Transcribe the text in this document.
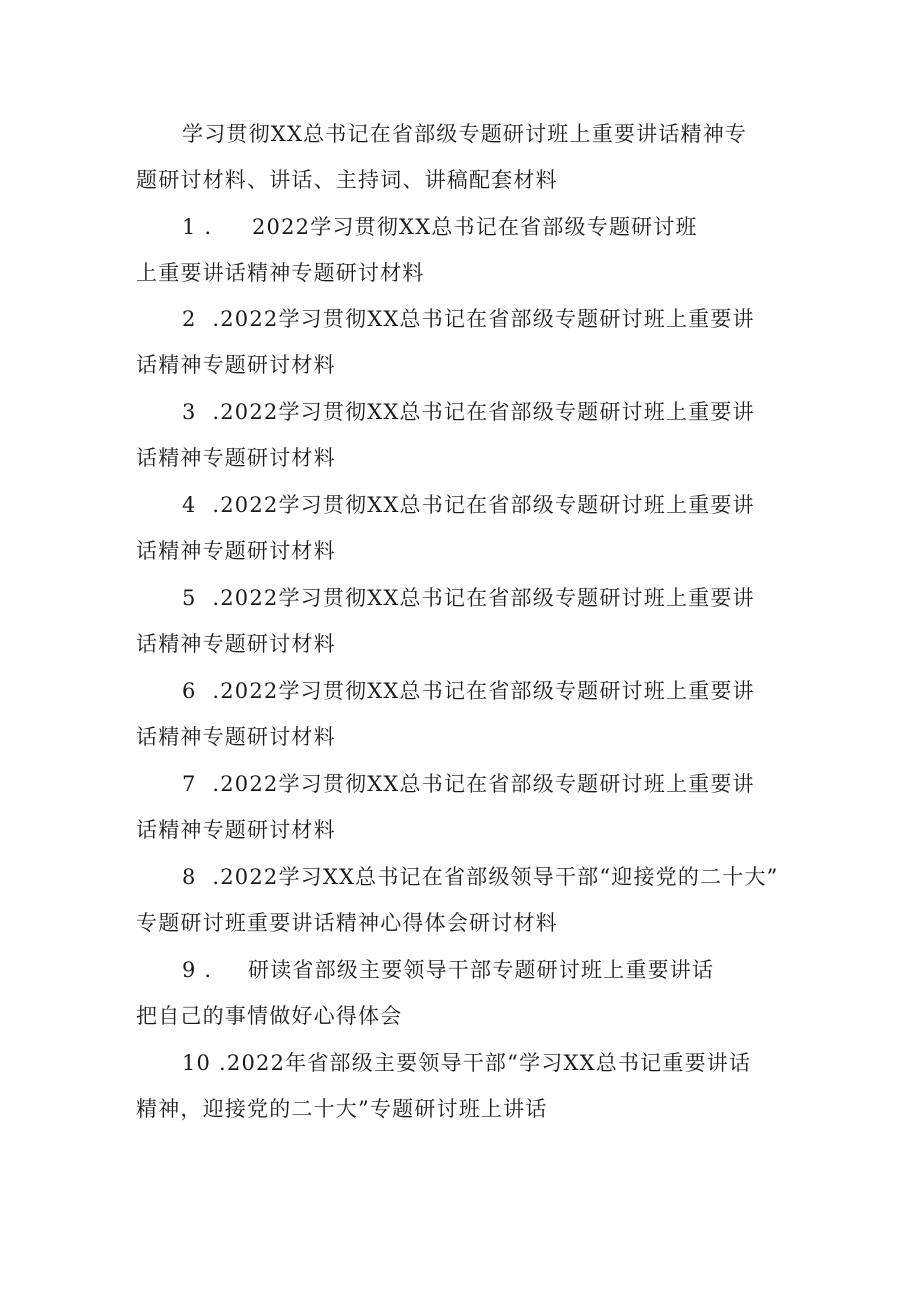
学习贯彻XX总书记在省部级专题研讨班上重要讲话精神专
题研讨材料、讲话、主持词、讲稿配套材料
1 . 2022学习贯彻XX总书记在省部级专题研讨班
上重要讲话精神专题研讨材料
2 .2022学习贯彻XX总书记在省部级专题研讨班上重要讲
话精神专题研讨材料
3 .2022学习贯彻XX总书记在省部级专题研讨班上重要讲
话精神专题研讨材料
4 .2022学习贯彻XX总书记在省部级专题研讨班上重要讲
话精神专题研讨材料
5 .2022学习贯彻XX总书记在省部级专题研讨班上重要讲
话精神专题研讨材料
6 .2022学习贯彻XX总书记在省部级专题研讨班上重要讲
话精神专题研讨材料
7 .2022学习贯彻XX总书记在省部级专题研讨班上重要讲
话精神专题研讨材料
8 .2022学习XX总书记在省部级领导干部“迎接党的二十大”
专题研讨班重要讲话精神心得体会研讨材料
9 . 研读省部级主要领导干部专题研讨班上重要讲话
把自己的事情做好心得体会
10 .2022年省部级主要领导干部“学习XX总书记重要讲话
精神，迎接党的二十大”专题研讨班上讲话
